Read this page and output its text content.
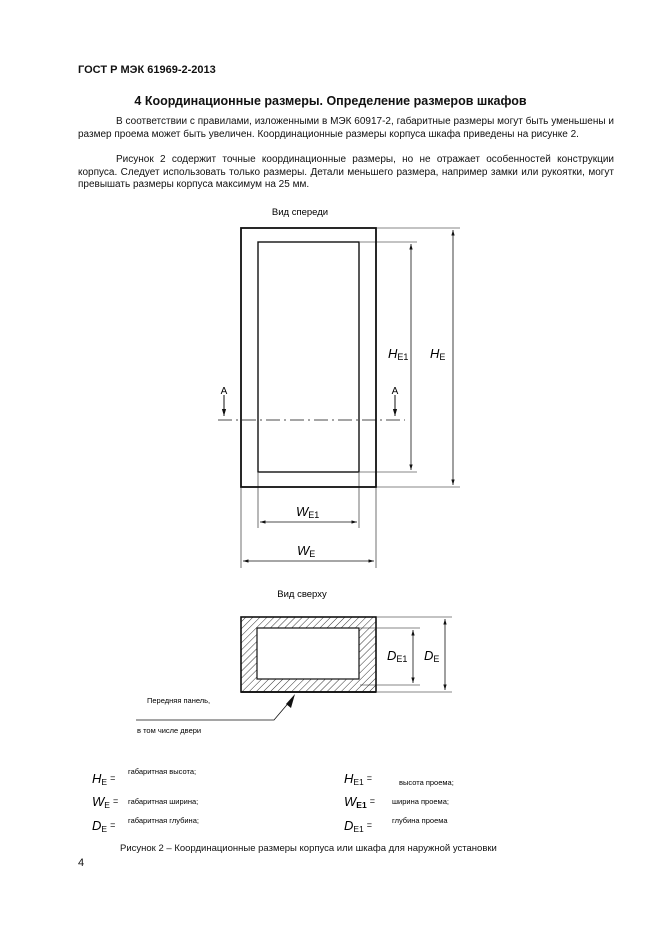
ГОСТ Р МЭК 61969-2-2013
4 Координационные размеры. Определение размеров шкафов

В соответствии с правилами, изложенными в МЭК 60917-2, габаритные размеры могут быть уменьшены и размер проема может быть увеличен. Координационные размеры корпуса шкафа приведены на рисунке 2.

Рисунок 2 содержит точные координационные размеры, но не отражает особенностей конструкции корпуса. Следует использовать только размеры. Детали меньшего размера, например замки или рукоятки, могут превышать размеры корпуса максимум на 25 мм.

Вид спереди
A	A
HE1 HE
WE1
WE
Вид сверху
DE1 DE
Передняя панель,
в том числе двери
HE =
габаритная высота;
WE = габаритная ширина;
DE = габаритная глубина;
HE1 =	высота проема;
WE1 = ширина проема;
DE1 =	глубина проема
Рисунок 2 – Координационные размеры корпуса или шкафа для наружной установки
4
